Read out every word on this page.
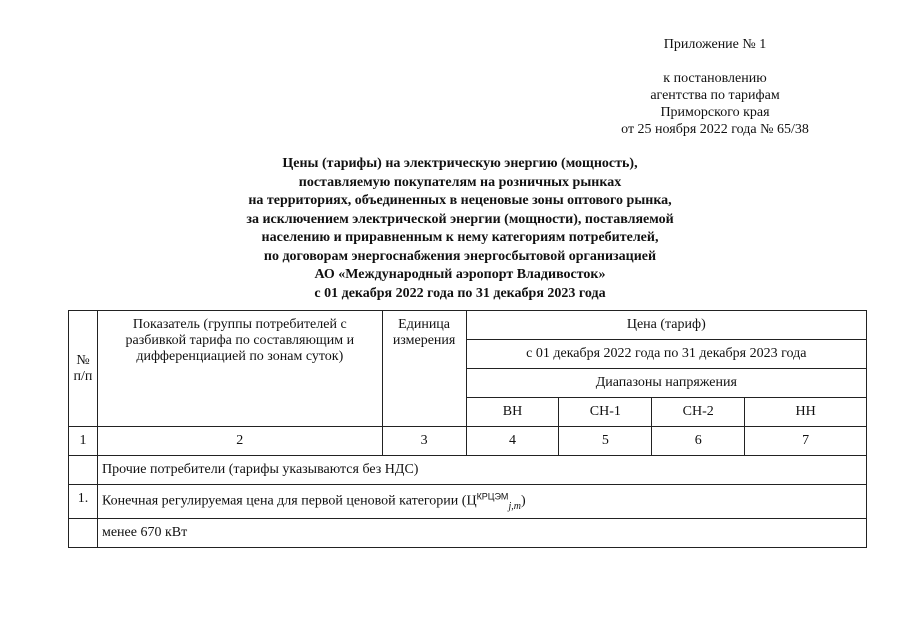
Приложение № 1
к постановлению
агентства по тарифам
Приморского края
от 25 ноября 2022 года № 65/38
Цены (тарифы) на электрическую энергию (мощность),
поставляемую покупателям на розничных рынках
на территориях, объединенных в неценовые зоны оптового рынка,
за исключением электрической энергии (мощности), поставляемой
населению и приравненным к нему категориям потребителей,
по договорам энергоснабжения энергосбытовой организацией
АО «Международный аэропорт Владивосток»
с 01 декабря 2022 года по 31 декабря 2023 года
№ п/п	Показатель (группы потребителей с разбивкой тарифа по составляющим и дифференциацией по зонам суток)	Единица измерения	Цена (тариф)			
			с 01 декабря 2022 года по 31 декабря 2023 года			
			Диапазоны напряжения			
			ВН	СН-1	СН-2	НН
1	2	3	4	5	6	7
	Прочие потребители (тарифы указываются без НДС)					
1.	Конечная регулируемая цена для первой ценовой категории $(Ц^{КРЦЭМ}_{j,m})$					
	менее 670 кВт					
